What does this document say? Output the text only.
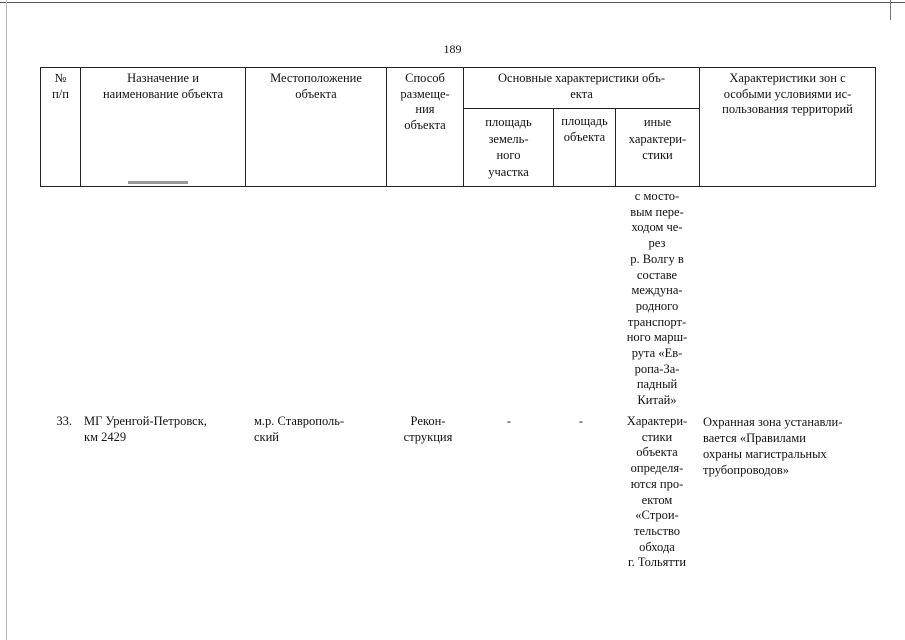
189
№
п/п
Назначение и
наименование объекта
Местоположение
объекта
Способ
размеще-
ния
объекта
Основные характеристики объ-
екта
площадь
земель-
ного
участка
площадь
объекта
иные
характери-
стики
Характеристики зон с
особыми условиями ис-
пользования территорий
с мосто-
вым пере-
ходом че-
рез
р. Волгу в
составе
междуна-
родного
транспорт-
ного марш-
рута «Ев-
ропа-За-
падный
Китай»
33. МГ Уренгой-Петровск,
км 2429
м.р. Ставрополь-
ский
Рекон-
струкция
-	-	Характери-
стики
объекта
определя-
ются про-
ектом
«Строи-
тельство
обхода
г. Тольятти
Охранная зона устанавли-
вается «Правилами
охраны магистральных
трубопроводов»
